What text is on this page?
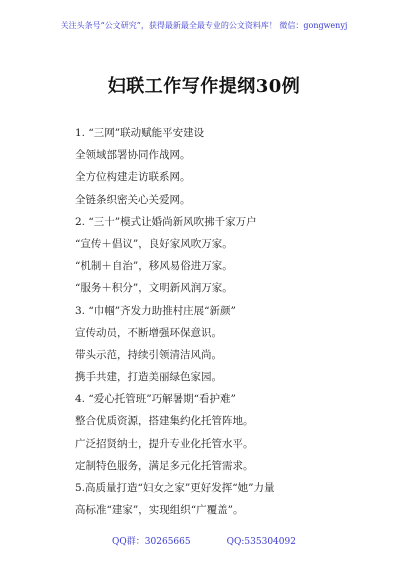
关注头条号“公文研究”，获得最新最全最专业的公文资料库！ 微信：gongwenyj
妇联工作写作提纲30例
1. “三网”联动赋能平安建设
全领域部署协同作战网。
全方位构建走访联系网。
全链条织密关心关爱网。
2. “三十”模式让婚尚新风吹拂千家万户
“宣传＋倡议”，良好家风吹万家。
“机制＋自治”，移风易俗进万家。
“服务＋积分”，文明新风润万家。
3. “巾帼”齐发力助推村庄展“新颜”
宣传动员，不断增强环保意识。
带头示范，持续引领清洁风尚。
携手共建，打造美丽绿色家园。
4. “爱心托管班”巧解暑期“看护难”
整合优质资源，搭建集约化托管阵地。
广泛招贤纳士，提升专业化托管水平。
定制特色服务，满足多元化托管需求。
5.高质量打造“妇女之家”更好发挥“她”力量
高标准“建家”，实现组织“广覆盖”。
QQ群：30265665	QQ:535304092
